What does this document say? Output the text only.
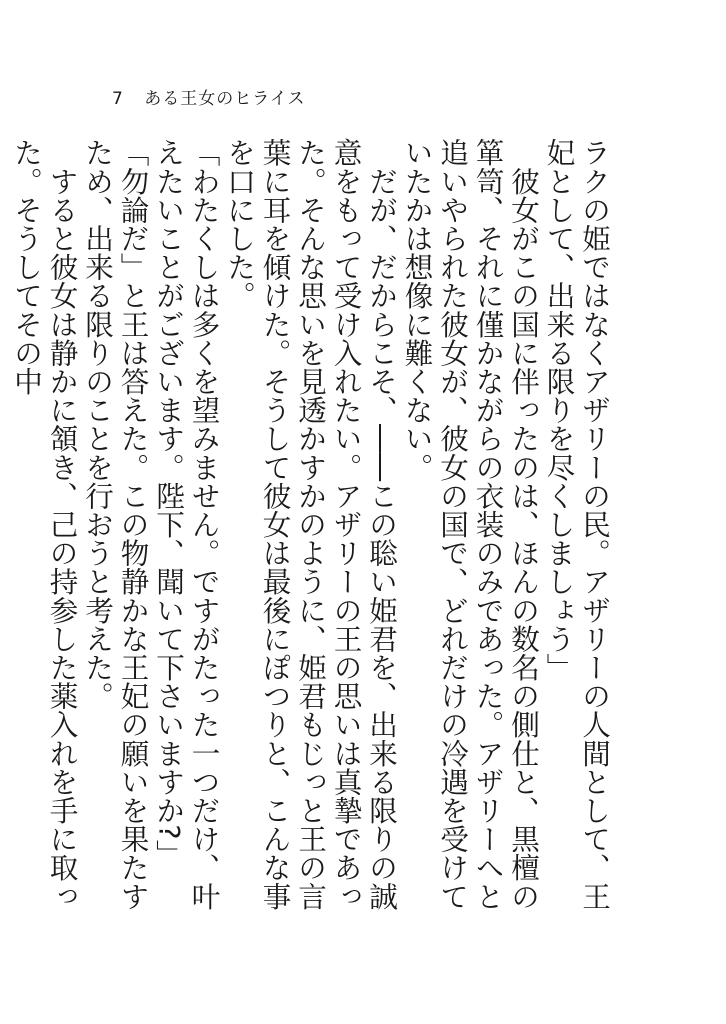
7 ある王女のヒライス

ラクの姫ではなくアザリーの民。アザリーの人間として、王妃として、出来る限りを尽くしましょう」

　彼女がこの国に伴ったのは、ほんの数名の側仕と、黒檀の箪笥、それに僅かながらの衣装のみであった。アザリーへと追いやられた彼女が、彼女の国で、どれだけの冷遇を受けていたかは想像に難くない。

　だが、だからこそ、――この聡い姫君を、出来る限りの誠意をもって受け入れたい。アザリーの王の思いは真摯であった。そんな思いを見透かすかのように、姫君もじっと王の言葉に耳を傾けた。そうして彼女は最後にぽつりと、こんな事を口にした。

「わたくしは多くを望みません。ですがたった一つだけ、叶えたいことがございます。陛下、聞いて下さいますか?」

「勿論だ」と王は答えた。この物静かな王妃の願いを果たすため、出来る限りのことを行おうと考えた。

　すると彼女は静かに頷き、己の持参した薬入れを手に取った。そうしてその中
